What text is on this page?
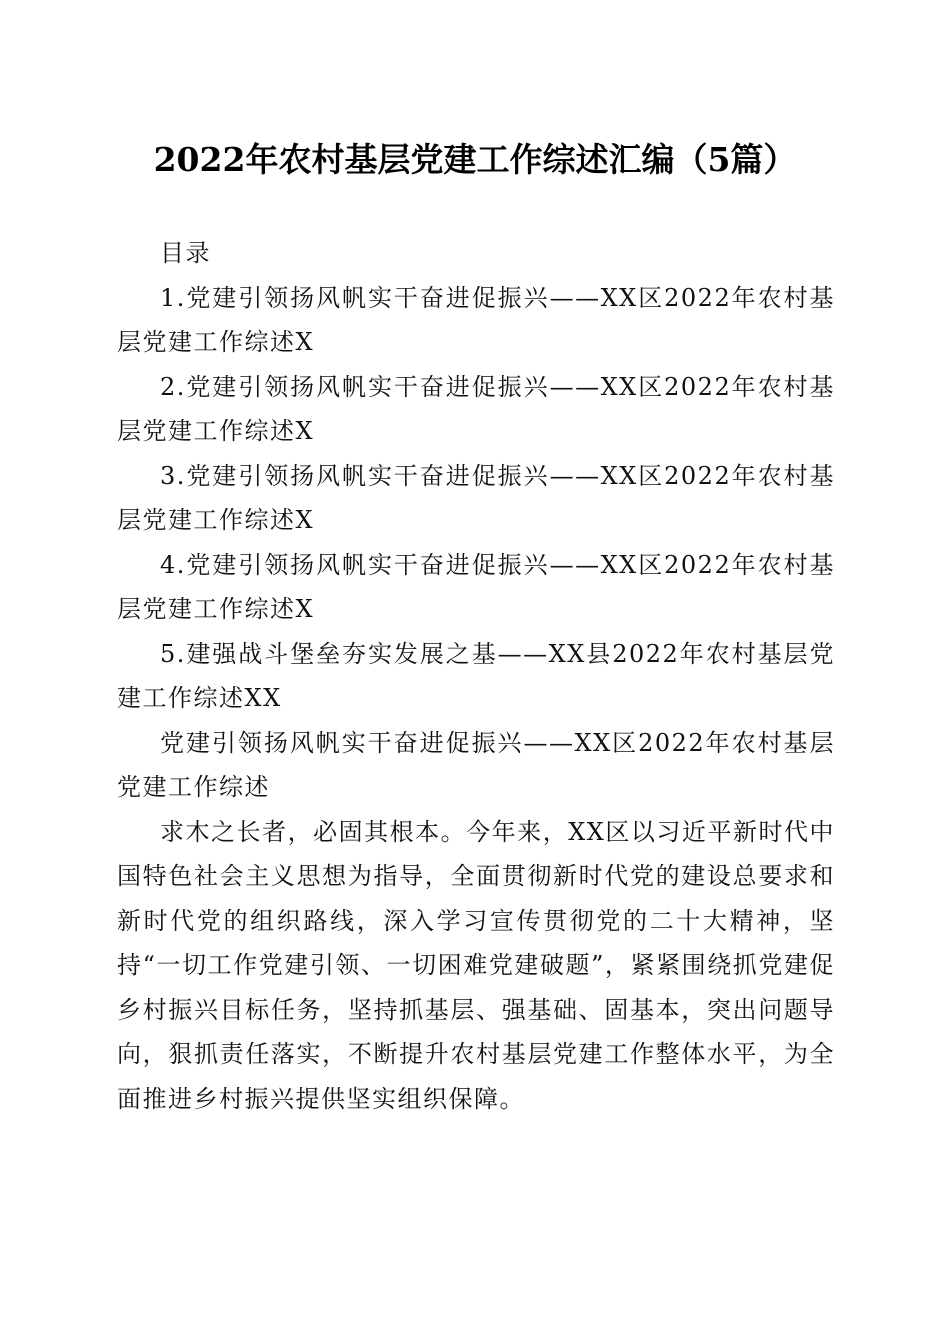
2022年农村基层党建工作综述汇编（5篇）

目录

1.党建引领扬风帆实干奋进促振兴——XX区2022年农村基层党建工作综述X

2.党建引领扬风帆实干奋进促振兴——XX区2022年农村基层党建工作综述X

3.党建引领扬风帆实干奋进促振兴——XX区2022年农村基层党建工作综述X

4.党建引领扬风帆实干奋进促振兴——XX区2022年农村基层党建工作综述X

5.建强战斗堡垒夯实发展之基——XX县2022年农村基层党建工作综述XX

党建引领扬风帆实干奋进促振兴——XX区2022年农村基层党建工作综述

求木之长者，必固其根本。今年来，XX区以习近平新时代中国特色社会主义思想为指导，全面贯彻新时代党的建设总要求和新时代党的组织路线，深入学习宣传贯彻党的二十大精神，坚持“一切工作党建引领、一切困难党建破题”，紧紧围绕抓党建促乡村振兴目标任务，坚持抓基层、强基础、固基本，突出问题导向，狠抓责任落实，不断提升农村基层党建工作整体水平，为全面推进乡村振兴提供坚实组织保障。
